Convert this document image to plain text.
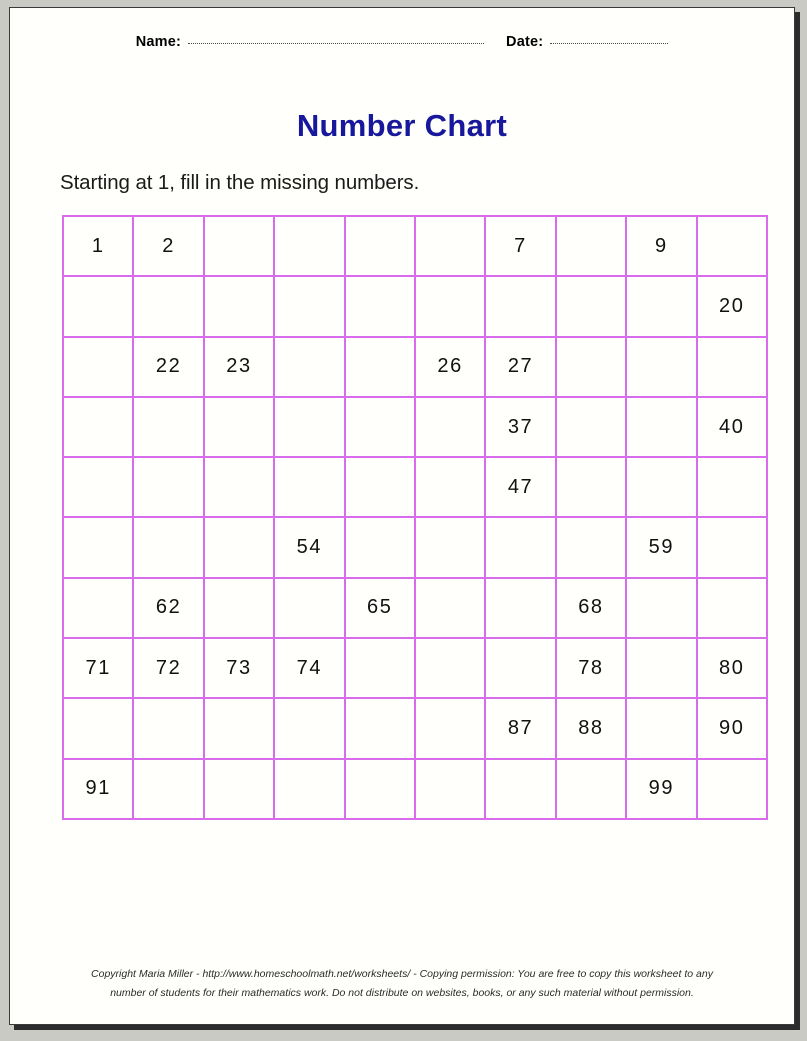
Name:	Date:
Number Chart
Starting at 1, fill in the missing numbers.
1	2					7		9	
									20
	22	23			26	27			
						37			40
						47			
			54					59	
	62			65			68		
71	72	73	74				78		80
						87	88		90
91								99	
Copyright Maria Miller - http://www.homeschoolmath.net/worksheets/ - Copying permission: You are free to copy this worksheet to any
number of students for their mathematics work. Do not distribute on websites, books, or any such material without permission.
